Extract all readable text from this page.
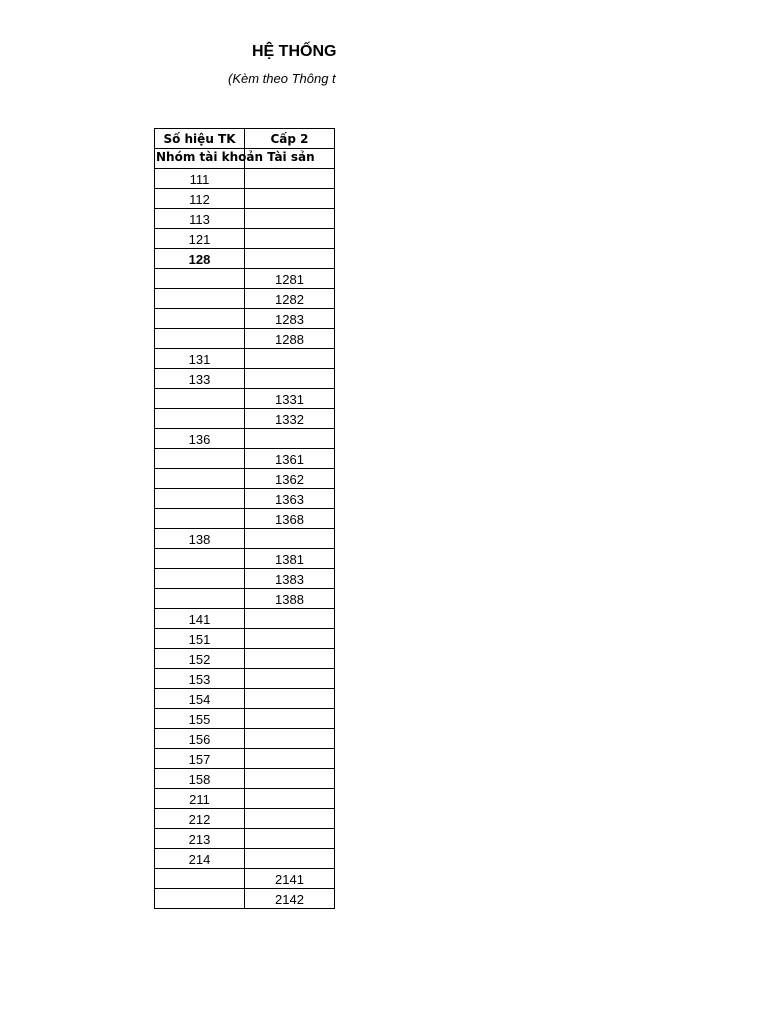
HỆ THỐNG
(Kèm theo Thông t
Số hiệu TK	Cấp 2

Nhóm tài khoản Tài sản	

111	
112	
113	
121	
128	
	1281
	1282
	1283
	1288
131	
133	
	1331
	1332
136	
	1361
	1362
	1363
	1368
138	
	1381
	1383
	1388
141	
151	
152	
153	
154	
155	
156	
157	
158	
211	
212	
213	
214	
	2141
	2142
